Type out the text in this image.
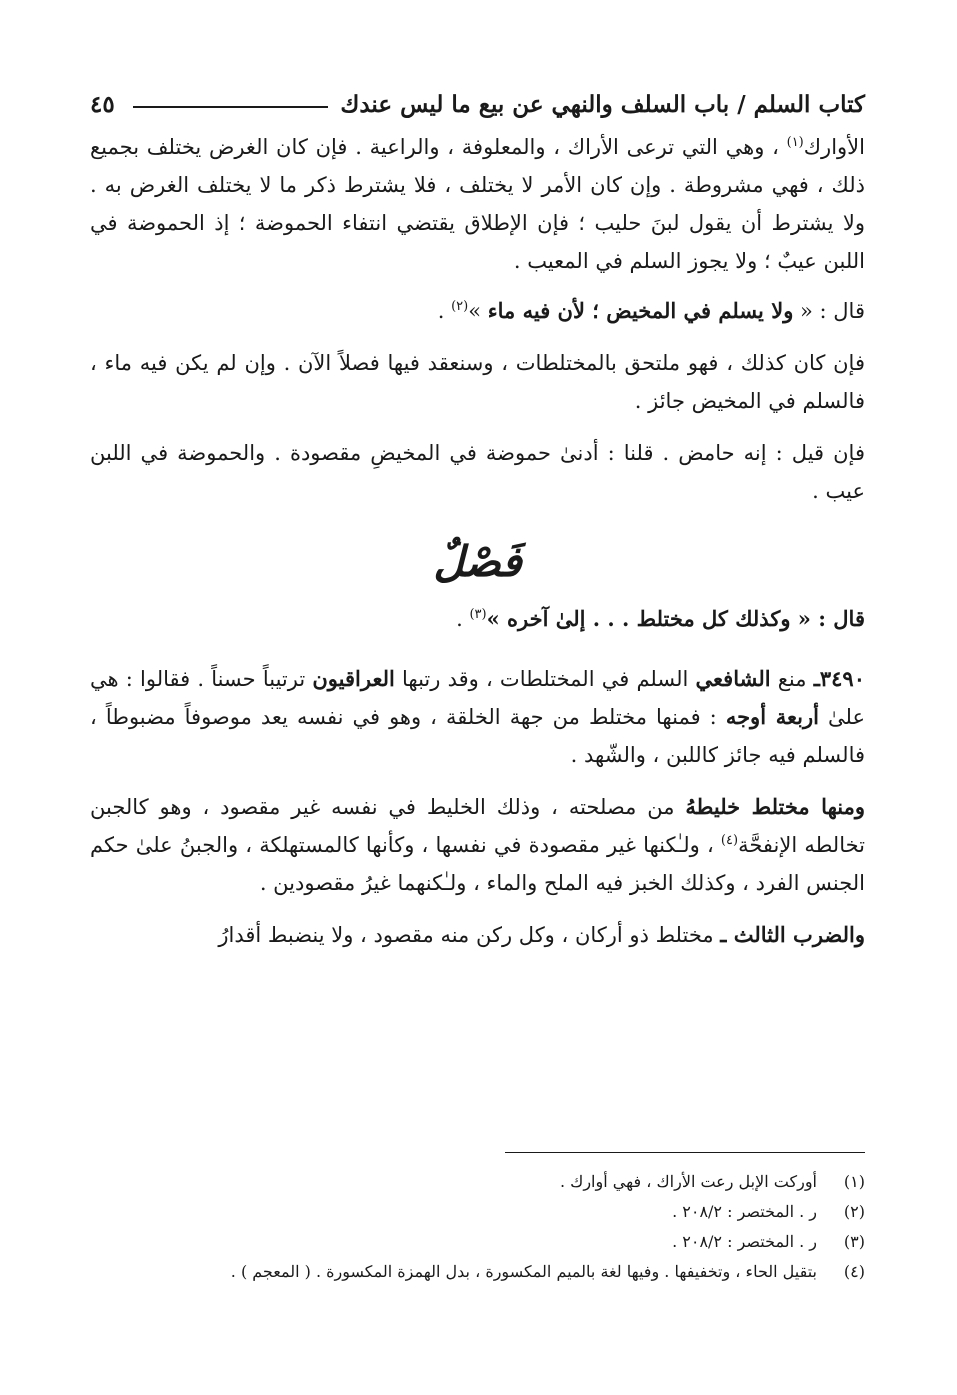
كتاب السلم / باب السلف والنهي عن بيع ما ليس عندك
٤٥

الأوارك$^{(١)}$ ، وهي التي ترعى الأراك ، والمعلوفة ، والراعية . فإن كان الغرض يختلف بجميع ذلك ، فهي مشروطة . وإن كان الأمر لا يختلف ، فلا يشترط ذكر ما لا يختلف الغرض به . ولا يشترط أن يقول لبنَ حليب ؛ فإن الإطلاق يقتضي انتفاء الحموضة ؛ إذ الحموضة في اللبن عيبٌ ؛ ولا يجوز السلم في المعيب .

قال : « ولا يسلم في المخيض ؛ لأن فيه ماء »$^{(٢)}$ .

فإن كان كذلك ، فهو ملتحق بالمختلطات ، وسنعقد فيها فصلاً الآن . وإن لم يكن فيه ماء ، فالسلم في المخيض جائز .

فإن قيل : إنه حامض . قلنا : أدنىٰ حموضة في المخيضِ مقصودة . والحموضة في اللبن عيب .

فَصْلٌ

قال : « وكذلك كل مختلط . . . إلىٰ آخره »$^{(٣)}$ .

٣٤٩٠ـ منع الشافعي السلم في المختلطات ، وقد رتبها العراقيون ترتيباً حسناً . فقالوا : هي علىٰ أربعة أوجه : فمنها مختلط من جهة الخلقة ، وهو في نفسه يعد موصوفاً مضبوطاً ، فالسلم فيه جائز كاللبن ، والشّهد .

ومنها مختلط خليطهُ من مصلحته ، وذلك الخليط في نفسه غير مقصود ، وهو كالجبن تخالطه الإنفحَّة$^{(٤)}$ ، ولـٰكنها غير مقصودة في نفسها ، وكأنها كالمستهلكة ، والجبنُ علىٰ حكم الجنس الفرد ، وكذلك الخبز فيه الملح والماء ، ولـٰكنهما غيرُ مقصودين .

والضرب الثالث ـ مختلط ذو أركان ، وكل ركن منه مقصود ، ولا ينضبط أقدارُ

(١)أوركت الإبل رعت الأراك ، فهي أوارك .
(٢)ر . المختصر : ٢٠٨/٢ .
(٣)ر . المختصر : ٢٠٨/٢ .
(٤)بتقيل الحاء ، وتخفيفها . وفيها لغة بالميم المكسورة ، بدل الهمزة المكسورة . ( المعجم ) .
